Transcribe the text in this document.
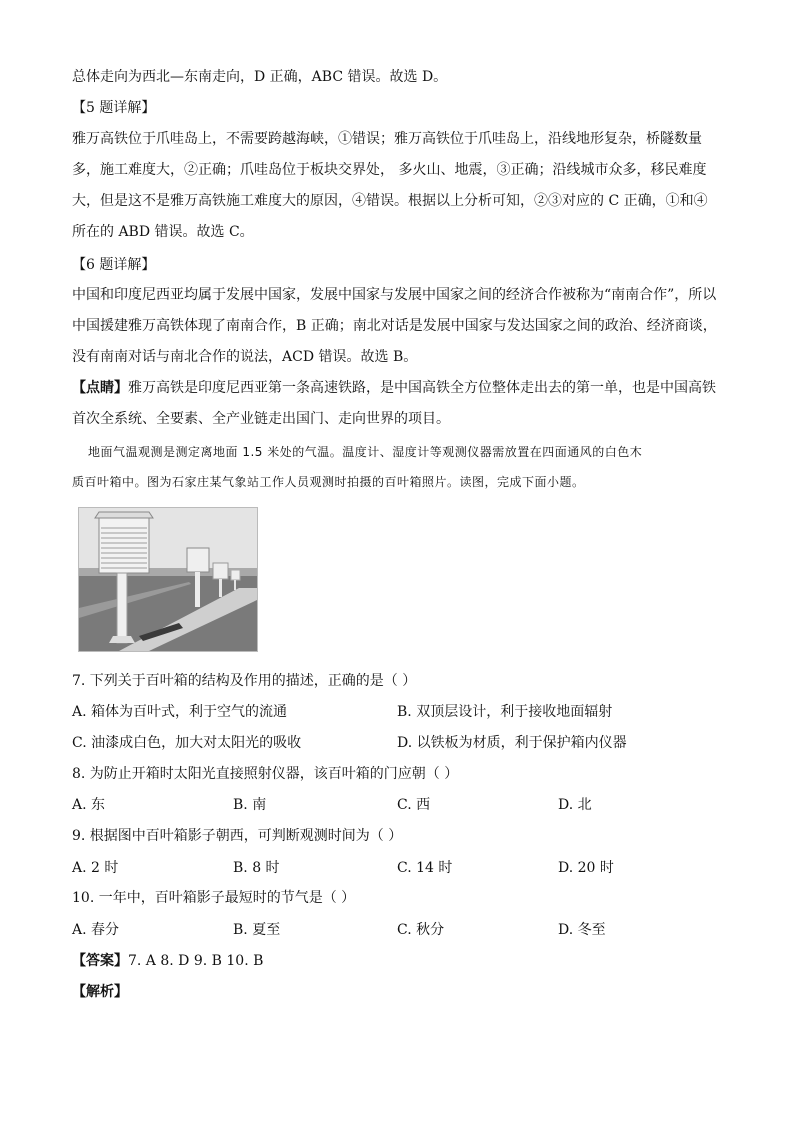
总体走向为西北—东南走向，D 正确，ABC 错误。故选 D。
【5 题详解】
雅万高铁位于爪哇岛上，不需要跨越海峡，①错误；雅万高铁位于爪哇岛上，沿线地形复杂，桥隧数量
多，施工难度大，②正确；爪哇岛位于板块交界处， 多火山、地震，③正确；沿线城市众多，移民难度
大，但是这不是雅万高铁施工难度大的原因，④错误。根据以上分析可知，②③对应的 C 正确，①和④
所在的 ABD 错误。故选 C。
【6 题详解】
中国和印度尼西亚均属于发展中国家，发展中国家与发展中国家之间的经济合作被称为“南南合作”，所以
中国援建雅万高铁体现了南南合作，B 正确；南北对话是发展中国家与发达国家之间的政治、经济商谈，
没有南南对话与南北合作的说法，ACD 错误。故选 B。
【点睛】雅万高铁是印度尼西亚第一条高速铁路，是中国高铁全方位整体走出去的第一单，也是中国高铁
首次全系统、全要素、全产业链走出国门、走向世界的项目。
地面气温观测是测定离地面 1.5 米处的气温。温度计、湿度计等观测仪器需放置在四面通风的白色木
质百叶箱中。图为石家庄某气象站工作人员观测时拍摄的百叶箱照片。读图，完成下面小题。
7. 下列关于百叶箱的结构及作用的描述，正确的是（ ）
A. 箱体为百叶式，利于空气的流通	B. 双顶层设计，利于接收地面辐射
C. 油漆成白色，加大对太阳光的吸收	D. 以铁板为材质，利于保护箱内仪器
8. 为防止开箱时太阳光直接照射仪器，该百叶箱的门应朝（ ）
A. 东	B. 南	C. 西	D. 北
9. 根据图中百叶箱影子朝西，可判断观测时间为（ ）
A. 2 时	B. 8 时	C. 14 时	D. 20 时
10. 一年中，百叶箱影子最短时的节气是（ ）
A. 春分	B. 夏至	C. 秋分	D. 冬至
【答案】7. A 8. D 9. B 10. B
【解析】
